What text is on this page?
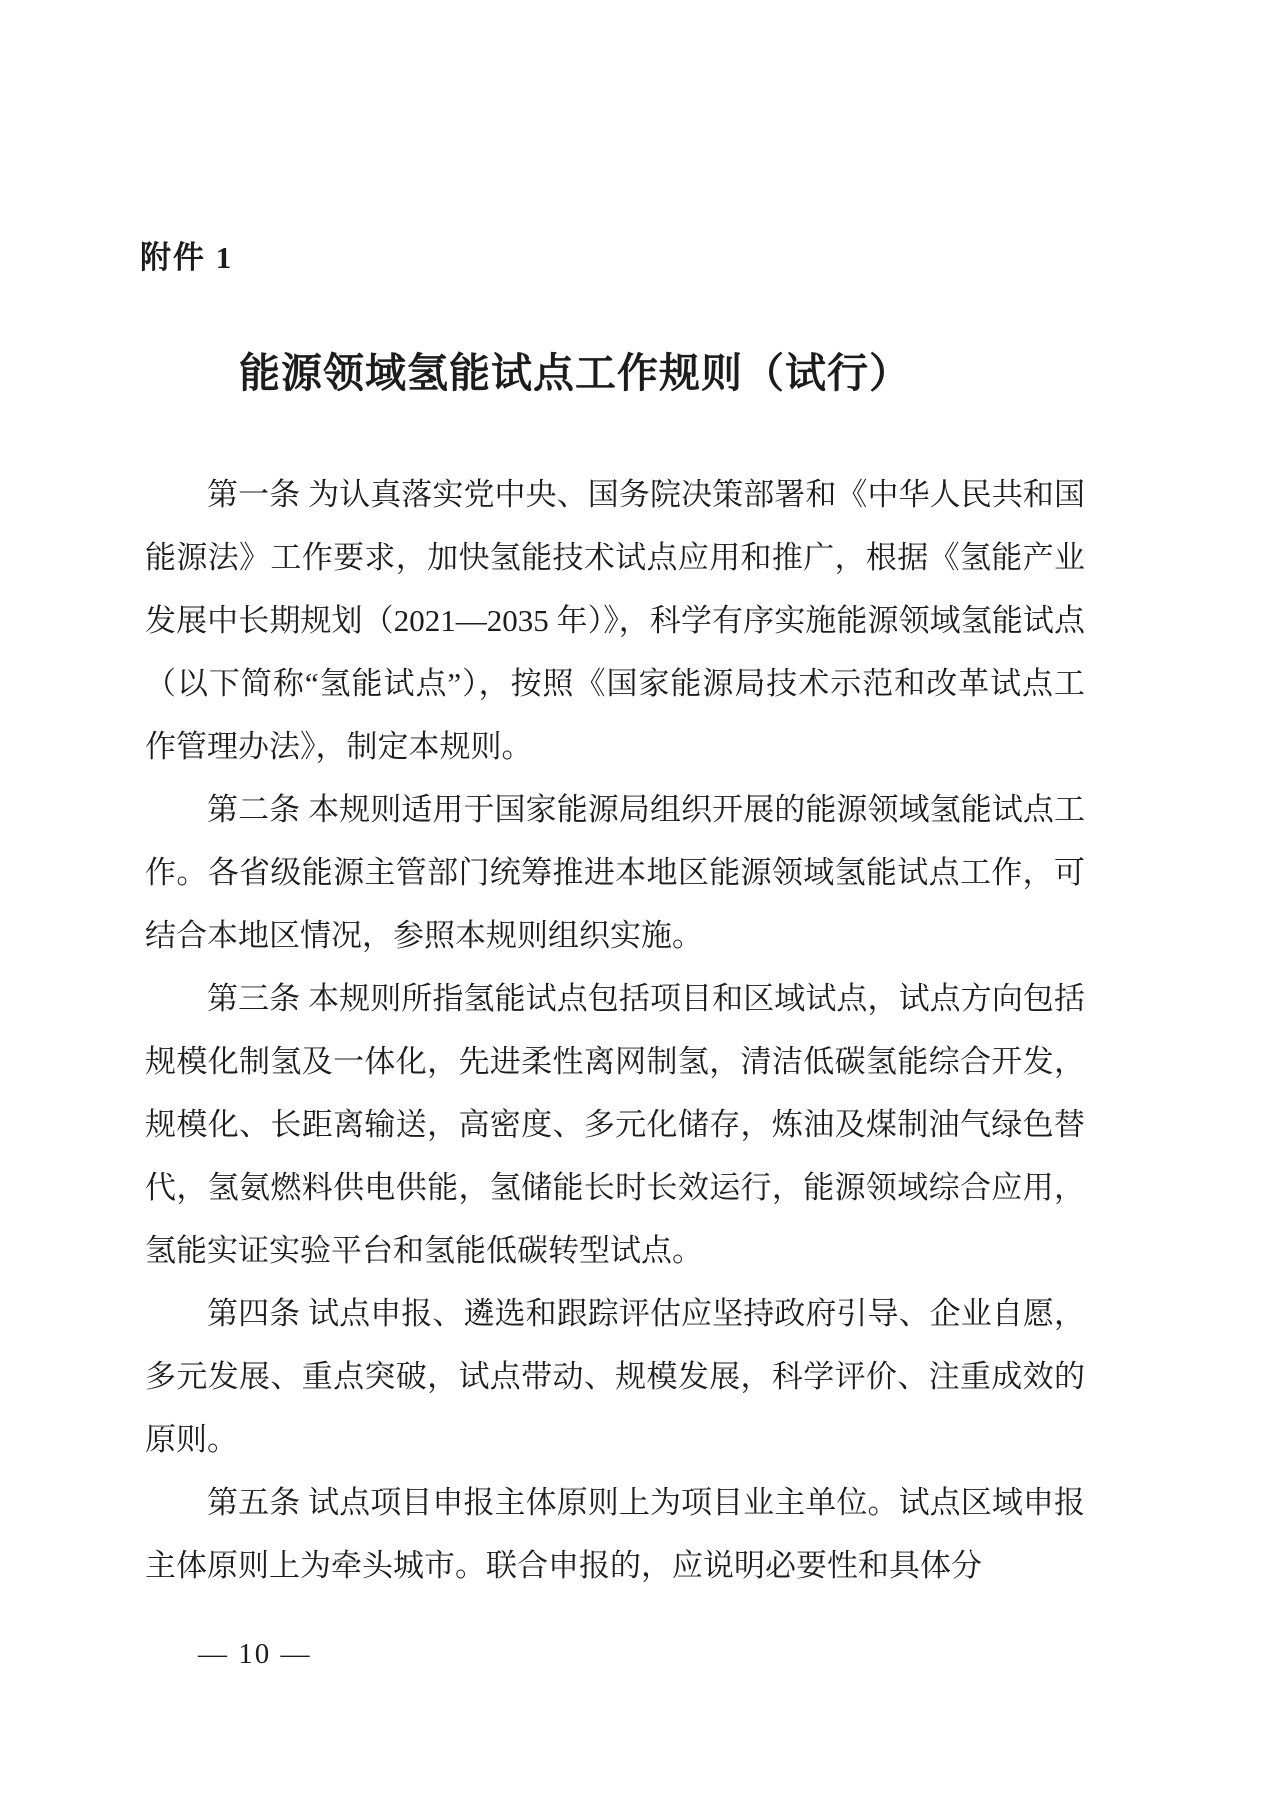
附件 1
能源领域氢能试点工作规则（试行）

第一条 为认真落实党中央、国务院决策部署和《中华人民共和国能源法》工作要求，加快氢能技术试点应用和推广，根据《氢能产业发展中长期规划（2021—2035 年）》，科学有序实施能源领域氢能试点（以下简称“氢能试点”），按照《国家能源局技术示范和改革试点工作管理办法》，制定本规则。

第二条 本规则适用于国家能源局组织开展的能源领域氢能试点工作。各省级能源主管部门统筹推进本地区能源领域氢能试点工作，可结合本地区情况，参照本规则组织实施。

第三条 本规则所指氢能试点包括项目和区域试点，试点方向包括规模化制氢及一体化，先进柔性离网制氢，清洁低碳氢能综合开发，规模化、长距离输送，高密度、多元化储存，炼油及煤制油气绿色替代，氢氨燃料供电供能，氢储能长时长效运行，能源领域综合应用，氢能实证实验平台和氢能低碳转型试点。

第四条 试点申报、遴选和跟踪评估应坚持政府引导、企业自愿，多元发展、重点突破，试点带动、规模发展，科学评价、注重成效的原则。

第五条 试点项目申报主体原则上为项目业主单位。试点区域申报主体原则上为牵头城市。联合申报的，应说明必要性和具体分

— 10 —
